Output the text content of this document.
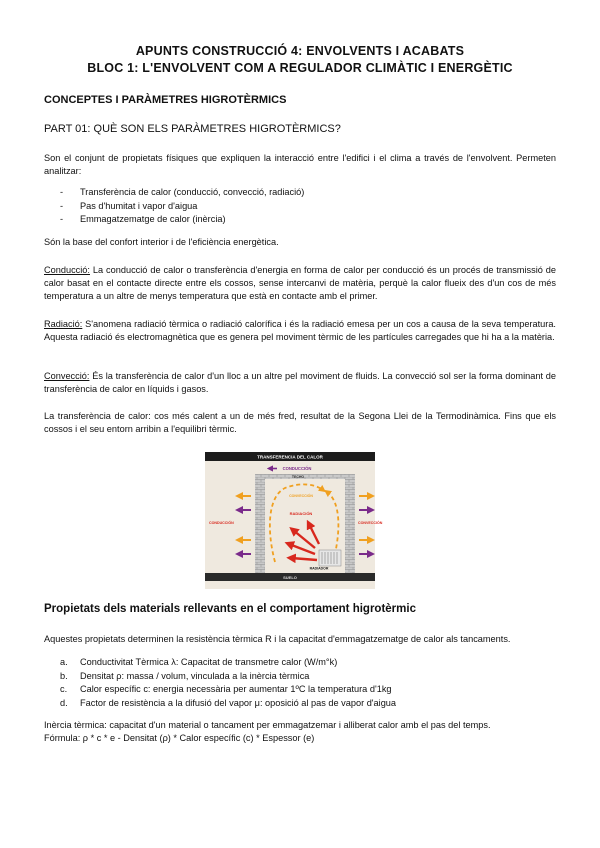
APUNTS CONSTRUCCIÓ 4: ENVOLVENTS I ACABATS
BLOC 1: L'ENVOLVENT COM A REGULADOR CLIMÀTIC I ENERGÈTIC
CONCEPTES I PARÀMETRES HIGROTÈRMICS
PART 01: QUÈ SON ELS PARÀMETRES HIGROTÈRMICS?
Son el conjunt de propietats físiques que expliquen la interacció entre l'edifici i el clima a través de l'envolvent. Permeten analitzar:
- Transferència de calor (conducció, convecció, radiació)
- Pas d'humitat i vapor d'aigua
- Emmagatzematge de calor (inèrcia)
Són la base del confort interior i de l'eficiència energètica.
Conducció: La conducció de calor o transferència d'energia en forma de calor per conducció és un procés de transmissió de calor basat en el contacte directe entre els cossos, sense intercanvi de matèria, perquè la calor flueix des d'un cos de més temperatura a un altre de menys temperatura que està en contacte amb el primer.
Radiació: S'anomena radiació tèrmica o radiació calorífica i és la radiació emesa per un cos a causa de la seva temperatura. Aquesta radiació és electromagnètica que es genera pel moviment tèrmic de les partícules carregades que hi ha a la matèria.
Convecció: És la transferència de calor d'un lloc a un altre pel moviment de fluids. La convecció sol ser la forma dominant de transferència de calor en líquids i gasos.
La transferència de calor: cos més calent a un de més fred, resultat de la Segona Llei de la Termodinàmica. Fins que els cossos i el seu entorn arribin a l'equilibri tèrmic.
TRANSFERENCIA DEL CALOR
CONDUCCIÓN
TECHO
SUELO
CONVECCIÓN
CONDUCCIÓN	CONVECCIÓN
RADIACIÓN
RADIADOR
Propietats dels materials rellevants en el comportament higrotèrmic
Aquestes propietats determinen la resistència tèrmica R i la capacitat d'emmagatzematge de calor als tancaments.
a. Conductivitat Tèrmica λ: Capacitat de transmetre calor (W/m°k)
b. Densitat ρ: massa / volum, vinculada a la inèrcia tèrmica
c. Calor específic c: energia necessària per aumentar 1ºC la temperatura d'1kg
d. Factor de resistència a la difusió del vapor μ: oposició al pas de vapor d'aigua
Inèrcia tèrmica: capacitat d'un material o tancament per emmagatzemar i alliberat calor amb el pas del temps.
Fórmula: ρ * c * e - Densitat (ρ) * Calor específic (c) * Espessor (e)
